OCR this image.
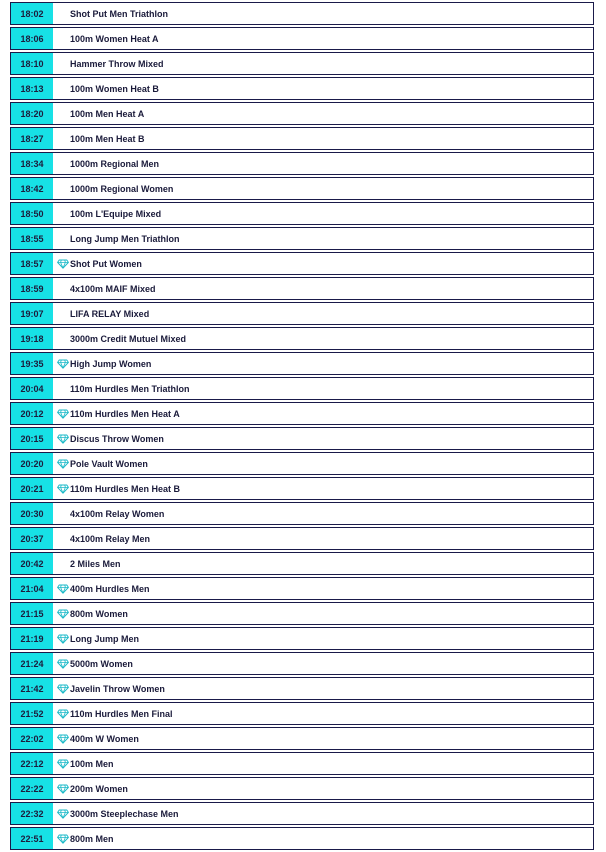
18:02	Shot Put Men Triathlon
18:06	100m Women Heat A
18:10	Hammer Throw Mixed
18:13	100m Women Heat B
18:20	100m Men Heat A
18:27	100m Men Heat B
18:34	1000m Regional Men
18:42	1000m Regional Women
18:50	100m L'Equipe Mixed
18:55	Long Jump Men Triathlon
18:57	Shot Put Women
18:59	4x100m MAIF Mixed
19:07	LIFA RELAY Mixed
19:18	3000m Credit Mutuel Mixed
19:35	High Jump Women
20:04	110m Hurdles Men Triathlon
20:12	110m Hurdles Men Heat A
20:15	Discus Throw Women
20:20	Pole Vault Women
20:21	110m Hurdles Men Heat B
20:30	4x100m Relay Women
20:37	4x100m Relay Men
20:42	2 Miles Men
21:04	400m Hurdles Men
21:15	800m Women
21:19	Long Jump Men
21:24	5000m Women
21:42	Javelin Throw Women
21:52	110m Hurdles Men Final
22:02	400m W Women
22:12	100m Men
22:22	200m Women
22:32	3000m Steeplechase Men
22:51	800m Men
